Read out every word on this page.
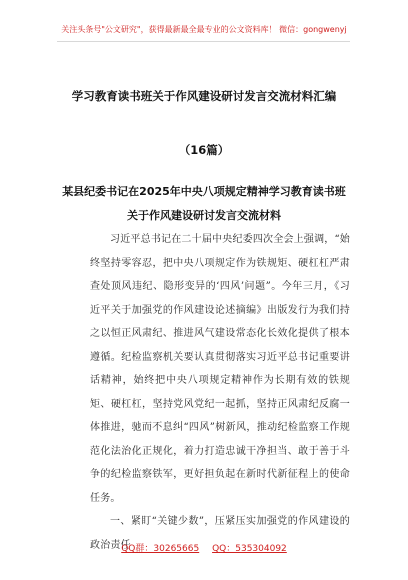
关注头条号"公文研究"，获得最新最全最专业的公文资料库！ 微信：gongwenyj
学习教育读书班关于作风建设研讨发言交流材料汇编（16篇）
某县纪委书记在2025年中央八项规定精神学习教育读书班关于作风建设研讨发言交流材料

习近平总书记在二十届中央纪委四次全会上强调，“始终坚持零容忍，把中央八项规定作为铁规矩、硬杠杠严肃查处顶风违纪、隐形变异的‘四风’问题”。今年三月，《习近平关于加强党的作风建设论述摘编》出版发行为我们持之以恒正风肃纪、推进风气建设常态化长效化提供了根本遵循。纪检监察机关要认真贯彻落实习近平总书记重要讲话精神，始终把中央八项规定精神作为长期有效的铁规矩、硬杠杠，坚持党风党纪一起抓，坚持正风肃纪反腐一体推进，驰而不息纠“四风”树新风，推动纪检监察工作规范化法治化正规化，着力打造忠诚干净担当、敢于善于斗争的纪检监察铁军，更好担负起在新时代新征程上的使命任务。

一、紧盯“关键少数”，压紧压实加强党的作风建设的政治责任

QQ群：30265665 QQ：535304092
